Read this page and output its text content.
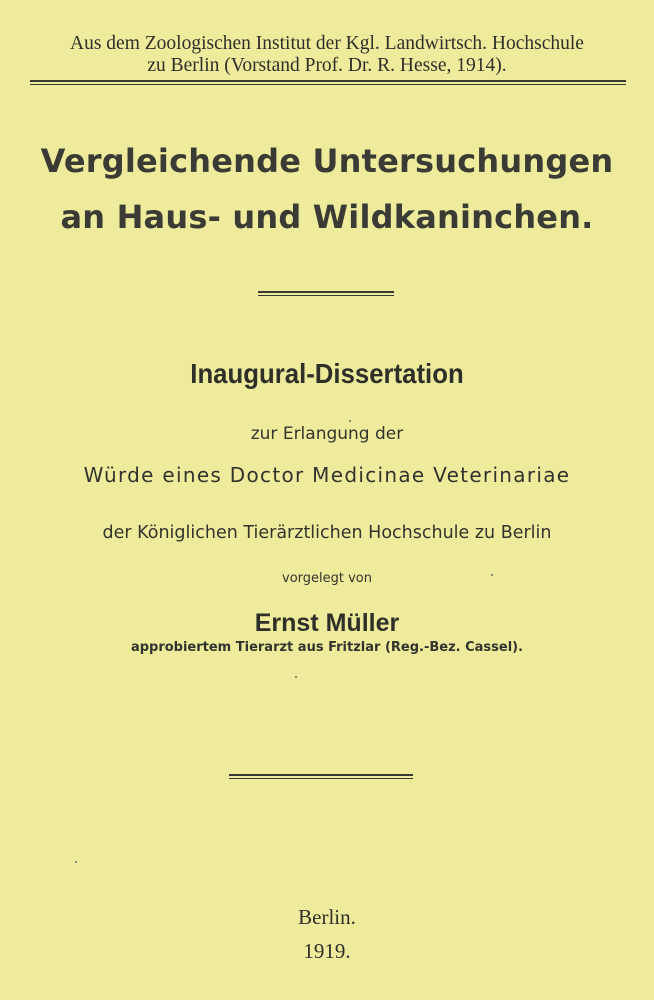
Aus dem Zoologischen Institut der Kgl. Landwirtsch. Hochschule
zu Berlin (Vorstand Prof. Dr. R. Hesse, 1914).
Vergleichende Untersuchungen
an Haus- und Wildkaninchen.
Inaugural-Dissertation
zur Erlangung der
Würde eines Doctor Medicinae Veterinariae
der Königlichen Tierärztlichen Hochschule zu Berlin
vorgelegt von
Ernst Müller
approbiertem Tierarzt aus Fritzlar (Reg.-Bez. Cassel).
Berlin.
1919.
